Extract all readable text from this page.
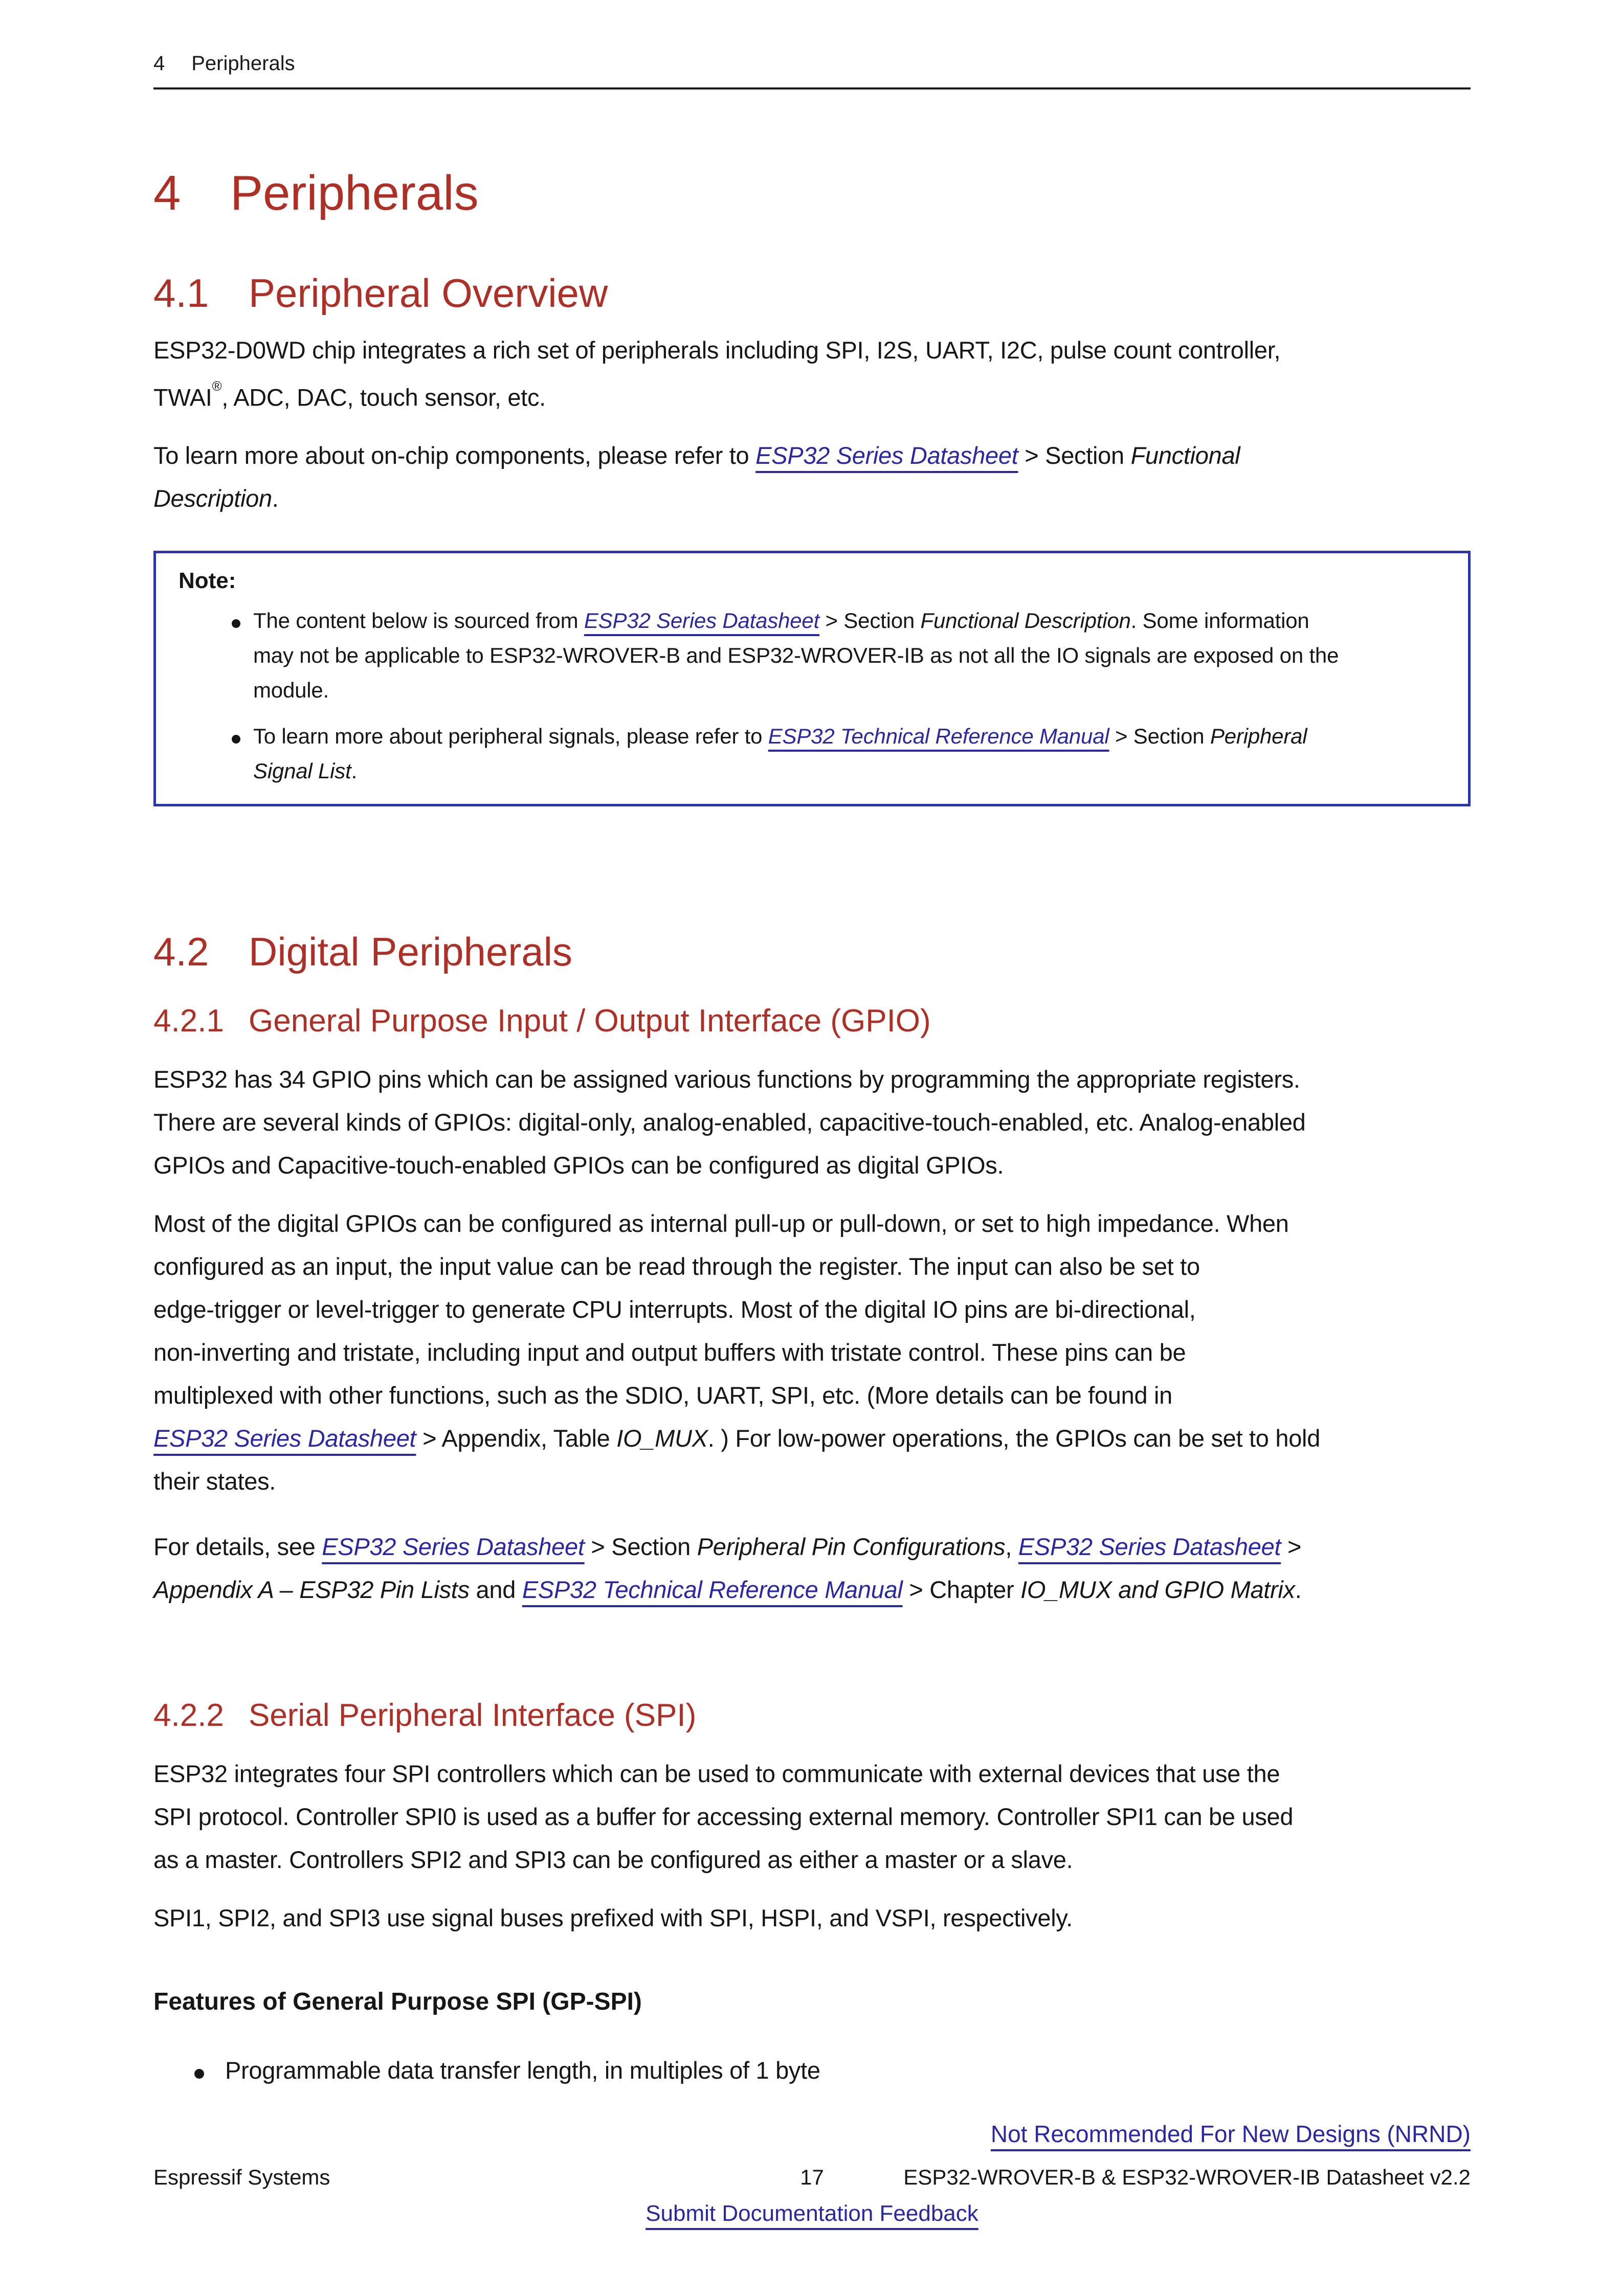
4 Peripherals
4 Peripherals
4.1 Peripheral Overview

ESP32-D0WD chip integrates a rich set of peripherals including SPI, I2S, UART, I2C, pulse count controller,
TWAI®, ADC, DAC, touch sensor, etc.

To learn more about on-chip components, please refer to ESP32 Series Datasheet > Section Functional
Description.

Note:
The content below is sourced from ESP32 Series Datasheet > Section Functional Description. Some information
may not be applicable to ESP32-WROVER-B and ESP32-WROVER-IB as not all the IO signals are exposed on the
module.
To learn more about peripheral signals, please refer to ESP32 Technical Reference Manual > Section Peripheral
Signal List.
4.2 Digital Peripherals
4.2.1 General Purpose Input / Output Interface (GPIO)

ESP32 has 34 GPIO pins which can be assigned various functions by programming the appropriate registers.
There are several kinds of GPIOs: digital-only, analog-enabled, capacitive-touch-enabled, etc. Analog-enabled
GPIOs and Capacitive-touch-enabled GPIOs can be configured as digital GPIOs.

Most of the digital GPIOs can be configured as internal pull-up or pull-down, or set to high impedance. When
configured as an input, the input value can be read through the register. The input can also be set to
edge-trigger or level-trigger to generate CPU interrupts. Most of the digital IO pins are bi-directional,
non-inverting and tristate, including input and output buffers with tristate control. These pins can be
multiplexed with other functions, such as the SDIO, UART, SPI, etc. (More details can be found in
ESP32 Series Datasheet > Appendix, Table IO_MUX. ) For low-power operations, the GPIOs can be set to hold
their states.

For details, see ESP32 Series Datasheet > Section Peripheral Pin Configurations, ESP32 Series Datasheet >
Appendix A – ESP32 Pin Lists and ESP32 Technical Reference Manual > Chapter IO_MUX and GPIO Matrix.

4.2.2 Serial Peripheral Interface (SPI)

ESP32 integrates four SPI controllers which can be used to communicate with external devices that use the
SPI protocol. Controller SPI0 is used as a buffer for accessing external memory. Controller SPI1 can be used
as a master. Controllers SPI2 and SPI3 can be configured as either a master or a slave.

SPI1, SPI2, and SPI3 use signal buses prefixed with SPI, HSPI, and VSPI, respectively.

Features of General Purpose SPI (GP-SPI)
Programmable data transfer length, in multiples of 1 byte
Not Recommended For New Designs (NRND)
Espressif Systems	17	ESP32-WROVER-B & ESP32-WROVER-IB Datasheet v2.2
Submit Documentation Feedback
